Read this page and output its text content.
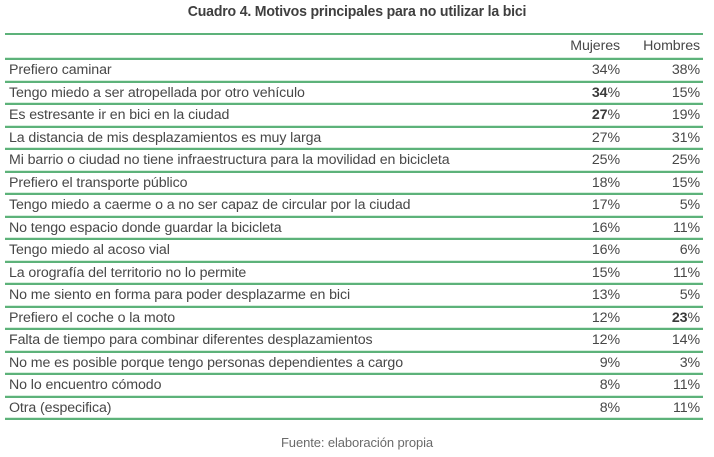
Cuadro 4. Motivos principales para no utilizar la bici

	Mujeres	Hombres
Prefiero caminar	34%	38%
Tengo miedo a ser atropellada por otro vehículo	34%	15%
Es estresante ir en bici en la ciudad	27%	19%
La distancia de mis desplazamientos es muy larga	27%	31%
Mi barrio o ciudad no tiene infraestructura para la movilidad en bicicleta	25%	25%
Prefiero el transporte público	18%	15%
Tengo miedo a caerme o a no ser capaz de circular por la ciudad	17%	5%
No tengo espacio donde guardar la bicicleta	16%	11%
Tengo miedo al acoso vial	16%	6%
La orografía del territorio no lo permite	15%	11%
No me siento en forma para poder desplazarme en bici	13%	5%
Prefiero el coche o la moto	12%	23%
Falta de tiempo para combinar diferentes desplazamientos	12%	14%
No me es posible porque tengo personas dependientes a cargo	9%	3%
No lo encuentro cómodo	8%	11%
Otra (especifica)	8%	11%
Fuente: elaboración propia
